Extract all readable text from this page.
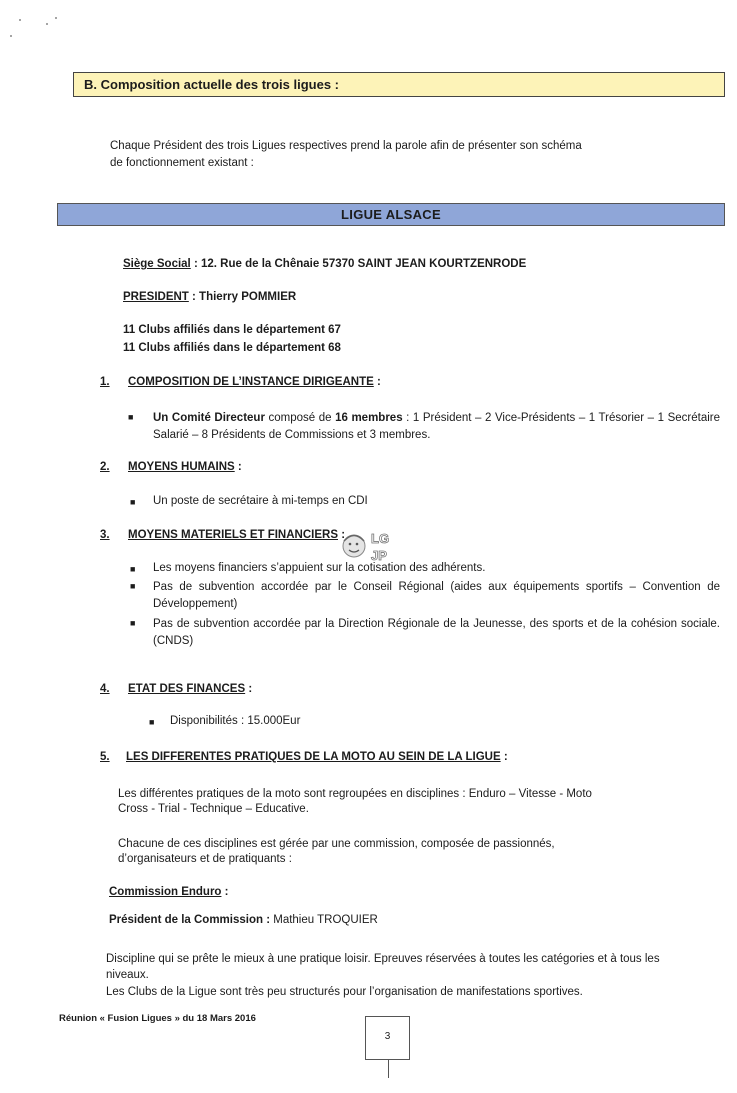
B. Composition actuelle des trois ligues :
Chaque Président des trois Ligues respectives prend la parole afin de présenter son schéma
de fonctionnement existant :
LIGUE ALSACE
Siège Social : 12. Rue de la Chênaie 57370 SAINT JEAN KOURTZENRODE
PRESIDENT : Thierry POMMIER
11 Clubs affiliés dans le département 67
11 Clubs affiliés dans le département 68
1. COMPOSITION DE L’INSTANCE DIRIGEANTE :
■ Un Comité Directeur composé de 16 membres : 1 Président – 2 Vice-Présidents – 1 Trésorier – 1 Secrétaire Salarié – 8 Présidents de Commissions et 3 membres.
2. MOYENS HUMAINS :
■ Un poste de secrétaire à mi-temps en CDI
3. MOYENS MATERIELS ET FINANCIERS : LG
JP
■ Les moyens financiers s’appuient sur la cotisation des adhérents.
■ Pas de subvention accordée par le Conseil Régional (aides aux équipements sportifs – Convention de Développement)
■ Pas de subvention accordée par la Direction Régionale de la Jeunesse, des sports et de la cohésion sociale. (CNDS)
4. ETAT DES FINANCES :
■ Disponibilités : 15.000Eur
5. LES DIFFERENTES PRATIQUES DE LA MOTO AU SEIN DE LA LIGUE :
Les différentes pratiques de la moto sont regroupées en disciplines : Enduro – Vitesse - Moto
Cross - Trial - Technique – Educative.
Chacune de ces disciplines est gérée par une commission, composée de passionnés,
d’organisateurs et de pratiquants :
Commission Enduro :
Président de la Commission : Mathieu TROQUIER
Discipline qui se prête le mieux à une pratique loisir. Epreuves réservées à toutes les catégories et à tous les
niveaux.
Les Clubs de la Ligue sont très peu structurés pour l’organisation de manifestations sportives.
Réunion « Fusion Ligues » du 18 Mars 2016
3
